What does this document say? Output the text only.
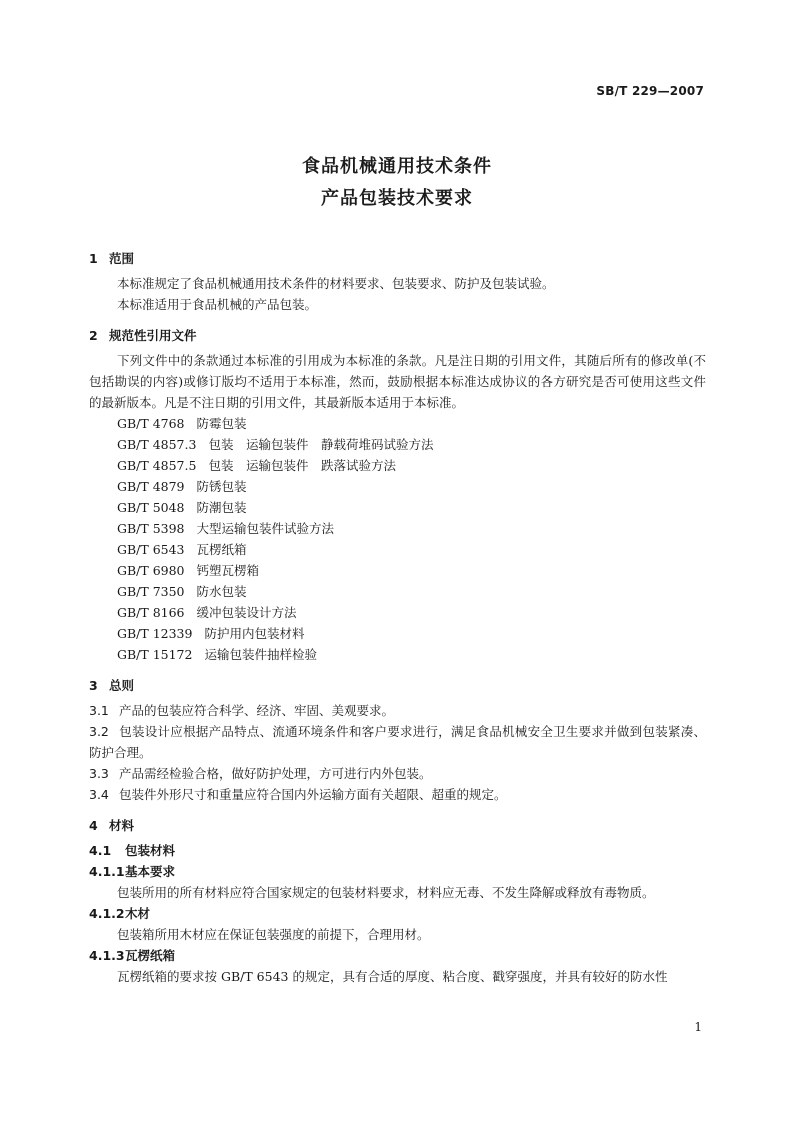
SB/T 229—2007
食品机械通用技术条件
产品包装技术要求
1 范围

本标准规定了食品机械通用技术条件的材料要求、包装要求、防护及包装试验。

本标准适用于食品机械的产品包装。

2 规范性引用文件

下列文件中的条款通过本标准的引用成为本标准的条款。凡是注日期的引用文件，其随后所有的修改单(不包括勘误的内容)或修订版均不适用于本标准，然而，鼓励根据本标准达成协议的各方研究是否可使用这些文件的最新版本。凡是不注日期的引用文件，其最新版本适用于本标准。

GB/T 4768 防霉包装
GB/T 4857.3 包装　运输包装件　静载荷堆码试验方法
GB/T 4857.5 包装　运输包装件　跌落试验方法
GB/T 4879 防锈包装
GB/T 5048 防潮包装
GB/T 5398 大型运输包装件试验方法
GB/T 6543 瓦楞纸箱
GB/T 6980 钙塑瓦楞箱
GB/T 7350 防水包装
GB/T 8166 缓冲包装设计方法
GB/T 12339 防护用内包装材料
GB/T 15172 运输包装件抽样检验
3 总则

3.1 产品的包装应符合科学、经济、牢固、美观要求。

3.2 包装设计应根据产品特点、流通环境条件和客户要求进行，满足食品机械安全卫生要求并做到包装紧凑、防护合理。

3.3 产品需经检验合格，做好防护处理，方可进行内外包装。

3.4 包装件外形尺寸和重量应符合国内外运输方面有关超限、超重的规定。

4 材料
4.1 包装材料
4.1.1基本要求

包装所用的所有材料应符合国家规定的包装材料要求，材料应无毒、不发生降解或释放有毒物质。

4.1.2木材

包装箱所用木材应在保证包装强度的前提下，合理用材。

4.1.3瓦楞纸箱

瓦楞纸箱的要求按 GB/T 6543 的规定，具有合适的厚度、粘合度、戳穿强度，并具有较好的防水性

1
